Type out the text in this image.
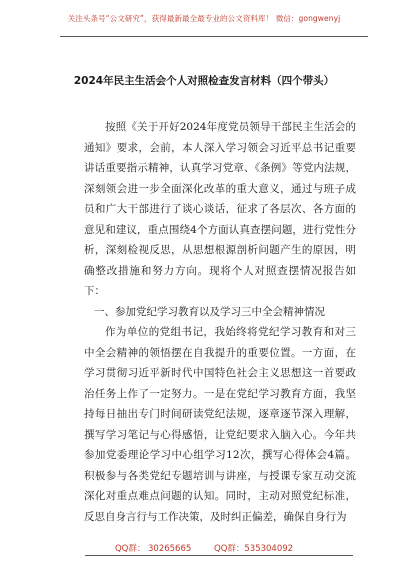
关注头条号“公文研究”，获得最新最全最专业的公文资料库！ 微信：gongwenyj
2024年民主生活会个人对照检查发言材料（四个带头）

按照《关于开好2024年度党员领导干部民主生活会的通知》要求，会前，本人深入学习领会习近平总书记重要讲话重要指示精神，认真学习党章、《条例》等党内法规，深刻领会进一步全面深化改革的重大意义，通过与班子成员和广大干部进行了谈心谈话，征求了各层次、各方面的意见和建议，重点围绕4个方面认真查摆问题，进行党性分析，深刻检视反思，从思想根源剖析问题产生的原因，明确整改措施和努力方向。现将个人对照查摆情况报告如下：

一、参加党纪学习教育以及学习三中全会精神情况

作为单位的党组书记，我始终将党纪学习教育和对三中全会精神的领悟摆在自我提升的重要位置。一方面，在学习贯彻习近平新时代中国特色社会主义思想这一首要政治任务上作了一定努力。一是在党纪学习教育方面，我坚持每日抽出专门时间研读党纪法规，逐章逐节深入理解，撰写学习笔记与心得感悟，让党纪要求入脑入心。今年共参加党委理论学习中心组学习12次，撰写心得体会4篇。积极参与各类党纪专题培训与讲座，与授课专家互动交流深化对重点难点问题的认知。同时，主动对照党纪标准，反思自身言行与工作决策，及时纠正偏差，确保自身行为

QQ群： 30265665	QQ群：535304092
